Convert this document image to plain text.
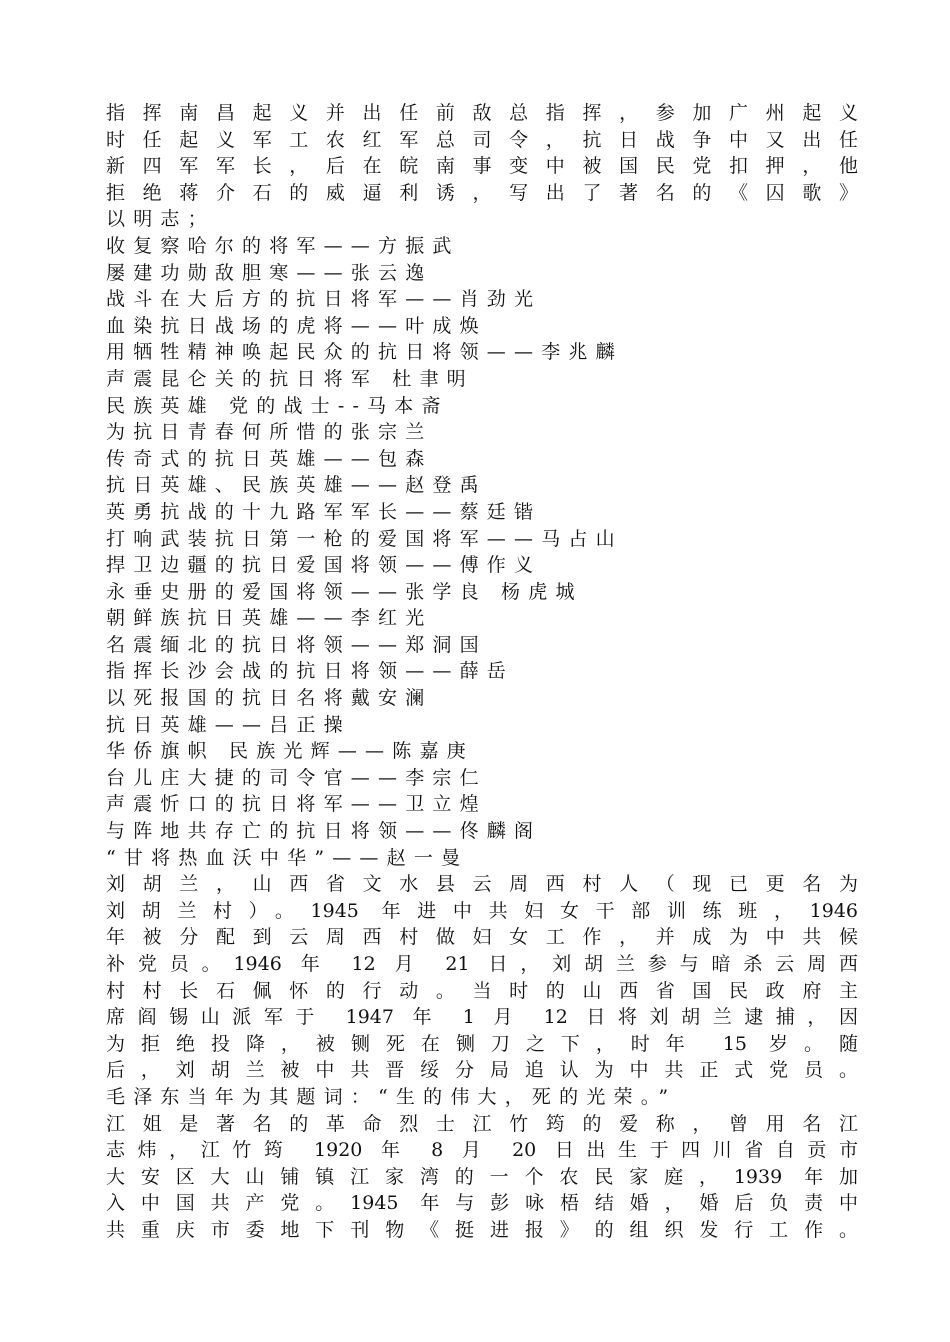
指挥南昌起义并出任前敌总指挥，参加广州起义
时任起义军工农红军总司令，抗日战争中又出任
新四军军长，后在皖南事变中被国民党扣押，他
拒绝蒋介石的威逼利诱，写出了著名的《囚歌》
以明志；
收复察哈尔的将军——方振武
屡建功勋敌胆寒——张云逸
战斗在大后方的抗日将军——肖劲光
血染抗日战场的虎将——叶成焕
用牺牲精神唤起民众的抗日将领——李兆麟
声震昆仑关的抗日将军 杜聿明
民族英雄 党的战士--马本斋
为抗日青春何所惜的张宗兰
传奇式的抗日英雄——包森
抗日英雄、民族英雄——赵登禹
英勇抗战的十九路军军长——蔡廷锴
打响武装抗日第一枪的爱国将军——马占山
捍卫边疆的抗日爱国将领——傅作义
永垂史册的爱国将领——张学良 杨虎城
朝鲜族抗日英雄——李红光
名震缅北的抗日将领——郑洞国
指挥长沙会战的抗日将领——薛岳
以死报国的抗日名将戴安澜
抗日英雄——吕正操
华侨旗帜 民族光辉——陈嘉庚
台儿庄大捷的司令官——李宗仁
声震忻口的抗日将军——卫立煌
与阵地共存亡的抗日将领——佟麟阁
“甘将热血沃中华”——赵一曼
刘胡兰，山西省文水县云周西村人（现已更名为
刘胡兰村）。1945 年进中共妇女干部训练班，1946
年被分配到云周西村做妇女工作，并成为中共候
补党员。1946 年 12 月 21 日，刘胡兰参与暗杀云周西
村村长石佩怀的行动。当时的山西省国民政府主
席阎锡山派军于 1947 年 1 月 12 日将刘胡兰逮捕，因
为拒绝投降，被铡死在铡刀之下，时年 15 岁。随
后，刘胡兰被中共晋绥分局追认为中共正式党员。
毛泽东当年为其题词：“生的伟大，死的光荣。”
江姐是著名的革命烈士江竹筠的爱称，曾用名江
志炜，江竹筠 1920 年 8 月 20 日出生于四川省自贡市
大安区大山铺镇江家湾的一个农民家庭，1939 年加
入中国共产党。1945 年与彭咏梧结婚，婚后负责中
共重庆市委地下刊物《挺进报》的组织发行工作。
